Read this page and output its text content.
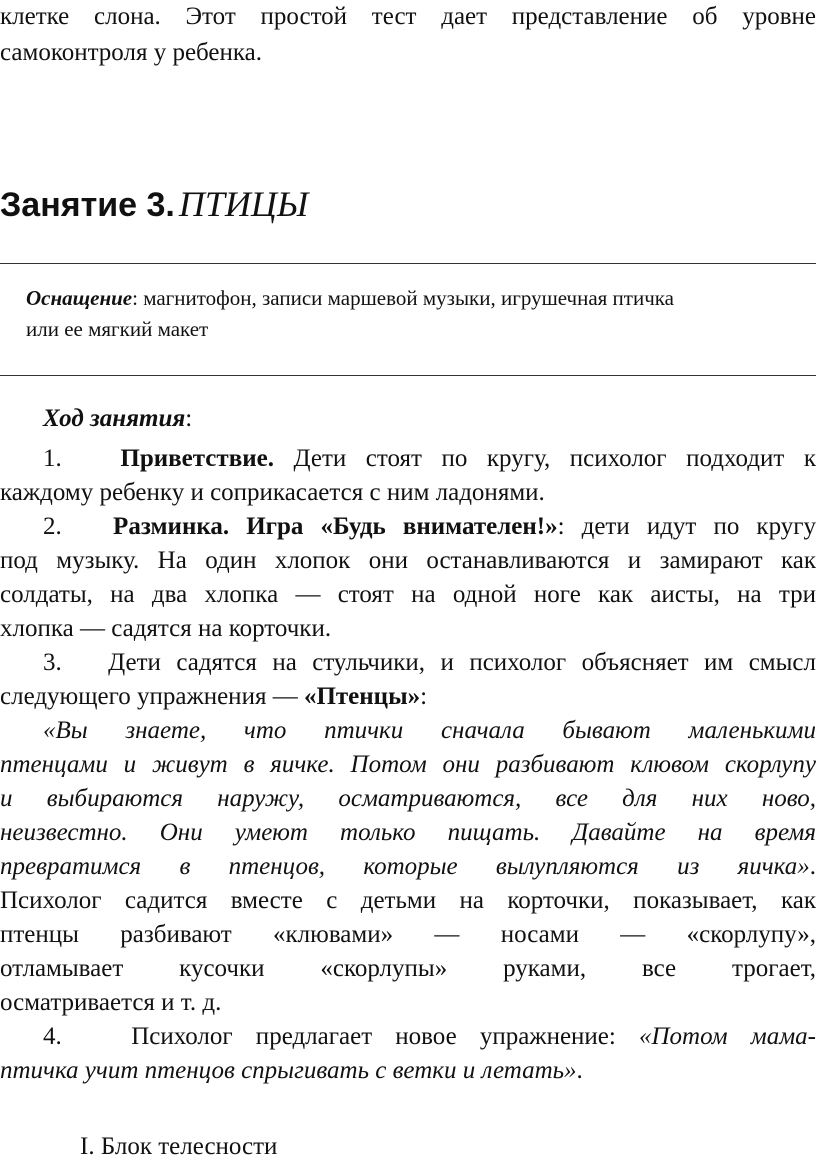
клетке слона. Этот простой тест дает представление об уровне
самоконтроля у ребенка.
Занятие 3. ПТИЦЫ
Оснащение: магнитофон, записи маршевой музыки, игрушечная птичка
или ее мягкий макет
Ход занятия:
1. Приветствие. Дети стоят по кругу, психолог подходит к
каждому ребенку и соприкасается с ним ладонями.
2. Разминка. Игра «Будь внимателен!»: дети идут по кругу
под музыку. На один хлопок они останавливаются и замирают как
солдаты, на два хлопка — стоят на одной ноге как аисты, на три
хлопка — садятся на корточки.
3. Дети садятся на стульчики, и психолог объясняет им смысл
следующего упражнения — «Птенцы»:
«Вы знаете, что птички сначала бывают маленькими
птенцами и живут в яичке. Потом они разбивают клювом скорлупу
и выбираются наружу, осматриваются, все для них ново,
неизвестно. Они умеют только пищать. Давайте на время
превратимся в птенцов, которые вылупляются из яичка».
Психолог садится вместе с детьми на корточки, показывает, как
птенцы разбивают «клювами» — носами — «скорлупу»,
отламывает кусочки «скорлупы» руками, все трогает,
осматривается и т. д.
4.	Психолог предлагает новое упражнение: «Потом мама-
птичка учит птенцов спрыгивать с ветки и летать».
I. Блок телесности
